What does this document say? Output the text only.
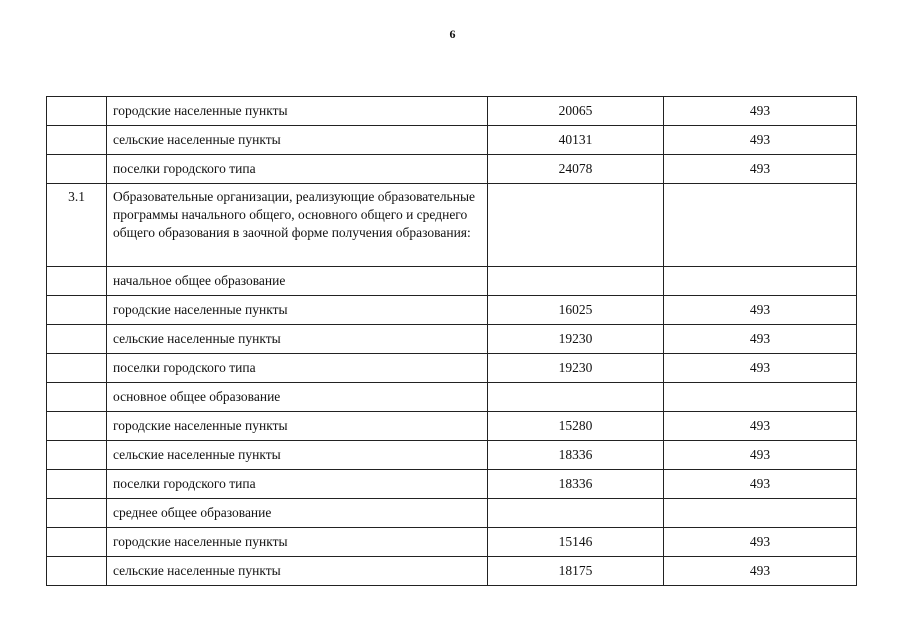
6
	городские населенные пункты	20065	493
	сельские населенные пункты	40131	493
	поселки городского типа	24078	493
3.1	Образовательные организации, реализующие образовательные программы начального общего, основного общего и среднего общего образования в заочной форме получения образования:		
	начальное общее образование		
	городские населенные пункты	16025	493
	сельские населенные пункты	19230	493
	поселки городского типа	19230	493
	основное общее образование		
	городские населенные пункты	15280	493
	сельские населенные пункты	18336	493
	поселки городского типа	18336	493
	среднее общее образование		
	городские населенные пункты	15146	493
	сельские населенные пункты	18175	493
